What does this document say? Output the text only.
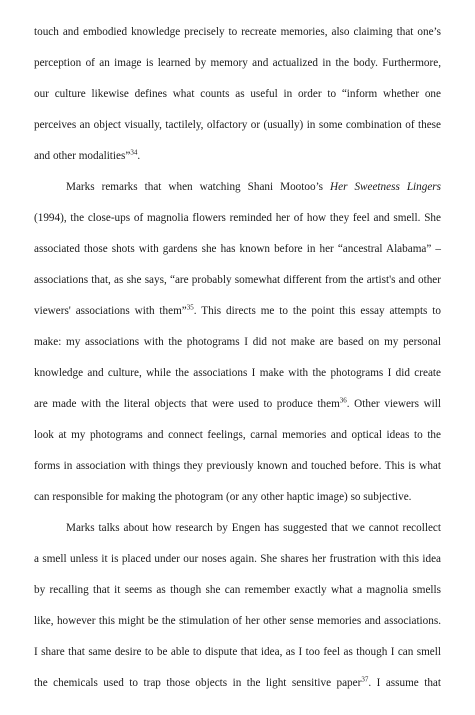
touch and embodied knowledge precisely to recreate memories, also claiming that one’s
perception of an image is learned by memory and actualized in the body. Furthermore,
our culture likewise defines what counts as useful in order to “inform whether one
perceives an object visually, tactilely, olfactory or (usually) in some combination of these
and other modalities”$^{34}$.
Marks remarks that when watching Shani Mootoo’s Her Sweetness Lingers
(1994), the close-ups of magnolia flowers reminded her of how they feel and smell. She
associated those shots with gardens she has known before in her “ancestral Alabama” –
associations that, as she says, “are probably somewhat different from the artist's and other
viewers' associations with them”$^{35}$. This directs me to the point this essay attempts to
make: my associations with the photograms I did not make are based on my personal
knowledge and culture, while the associations I make with the photograms I did create
are made with the literal objects that were used to produce them$^{36}$. Other viewers will
look at my photograms and connect feelings, carnal memories and optical ideas to the
forms in association with things they previously known and touched before. This is what
can responsible for making the photogram (or any other haptic image) so subjective.
Marks talks about how research by Engen has suggested that we cannot recollect
a smell unless it is placed under our noses again. She shares her frustration with this idea
by recalling that it seems as though she can remember exactly what a magnolia smells
like, however this might be the stimulation of her other sense memories and associations.
I share that same desire to be able to dispute that idea, as I too feel as though I can smell
the chemicals used to trap those objects in the light sensitive paper$^{37}$. I assume that
